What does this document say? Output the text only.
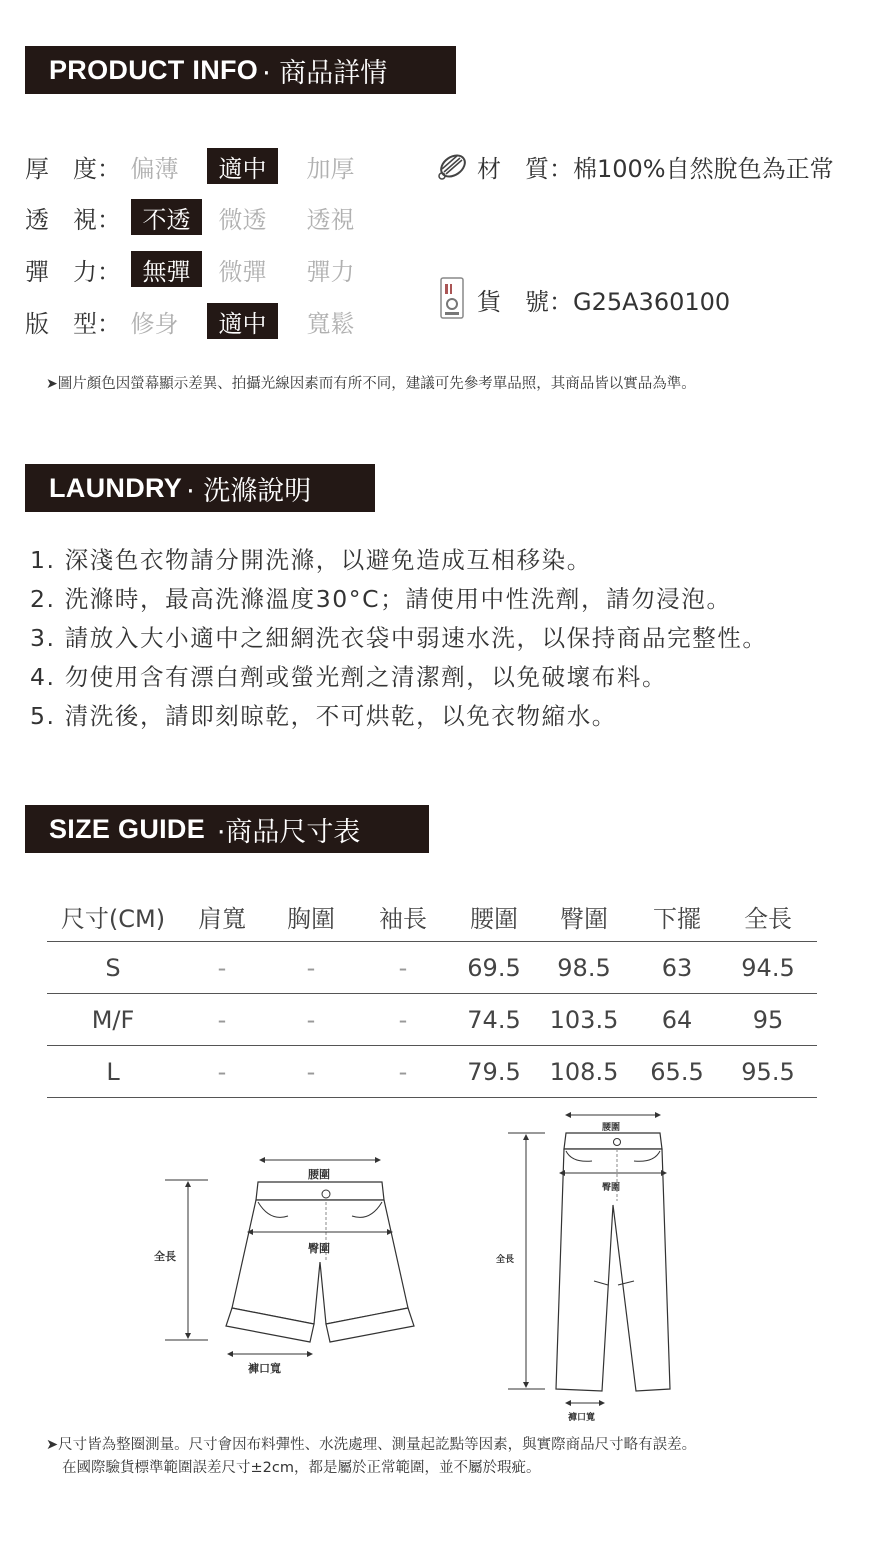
PRODUCT INFO · 商品詳情
厚　度： 偏薄	適中	加厚
透　視： 不透	微透	透視
彈　力： 無彈	微彈	彈力
版　型： 修身	適中	寬鬆
材　質：棉100%自然脫色為正常
貨　號：G25A360100
➤圖片顏色因螢幕顯示差異、拍攝光線因素而有所不同，建議可先參考單品照，其商品皆以實品為準。
LAUNDRY · 洗滌說明
1. 深淺色衣物請分開洗滌，以避免造成互相移染。
2. 洗滌時，最高洗滌溫度30°C；請使用中性洗劑，請勿浸泡。
3. 請放入大小適中之細網洗衣袋中弱速水洗，以保持商品完整性。
4. 勿使用含有漂白劑或螢光劑之清潔劑，以免破壞布料。
5. 清洗後，請即刻晾乾，不可烘乾，以免衣物縮水。
SIZE GUIDE ·商品尺寸表
尺寸(CM)	肩寬	胸圍	袖長	腰圍	臀圍	下擺	全長
S	-	-	-	69.5	98.5	63	94.5
M/F	-	-	-	74.5	103.5	64	95
L	-	-	-	79.5	108.5	65.5	95.5
腰圍
臀圍
全長
褲口寬
腰圍
臀圍
全長
褲口寬
➤尺寸皆為整圈測量。尺寸會因布料彈性、水洗處理、測量起訖點等因素，與實際商品尺寸略有誤差。
在國際驗貨標準範圍誤差尺寸±2cm，都是屬於正常範圍，並不屬於瑕疵。
